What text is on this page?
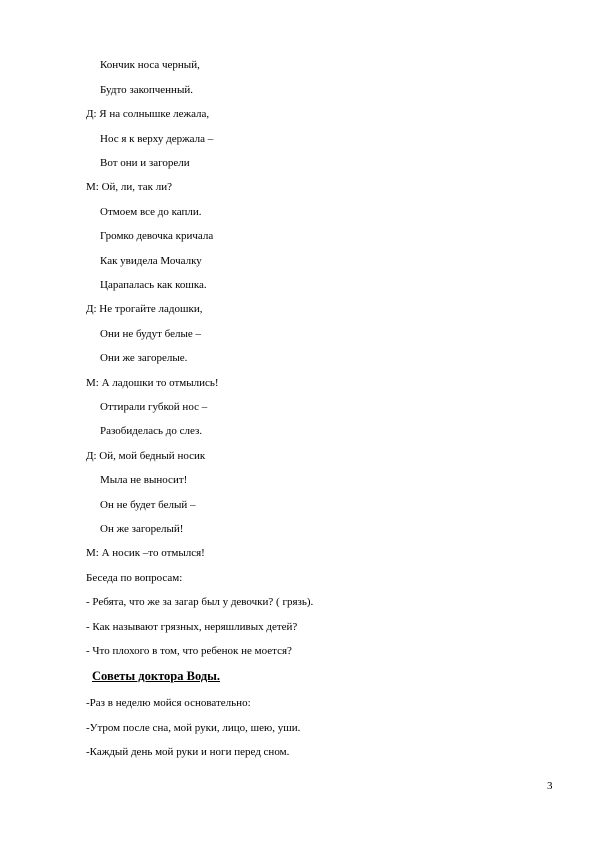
Кончик носа черный,
Будто закопченный.
Д: Я на солнышке лежала,
Нос я к верху держала –
Вот они и загорели
М: Ой, ли, так ли?
Отмоем все до капли.
Громко девочка кричала
Как увидела Мочалку
Царапалась как кошка.
Д: Не трогайте ладошки,
Они не будут белые –
Они же загорелые.
М: А ладошки то отмылись!
Оттирали губкой нос –
Разобиделась до слез.
Д: Ой, мой бедный носик
Мыла не выносит!
Он не будет белый –
Он же загорелый!
М: А носик –то отмылся!
Беседа по вопросам:
- Ребята, что же за загар был у девочки? ( грязь).
- Как называют грязных, неряшливых детей?
- Что плохого в том, что ребенок не моется?
Советы доктора Воды.
-Раз в неделю мойся основательно:
-Утром после сна, мой руки, лицо, шею, уши.
-Каждый день мой руки и ноги перед сном.
3
